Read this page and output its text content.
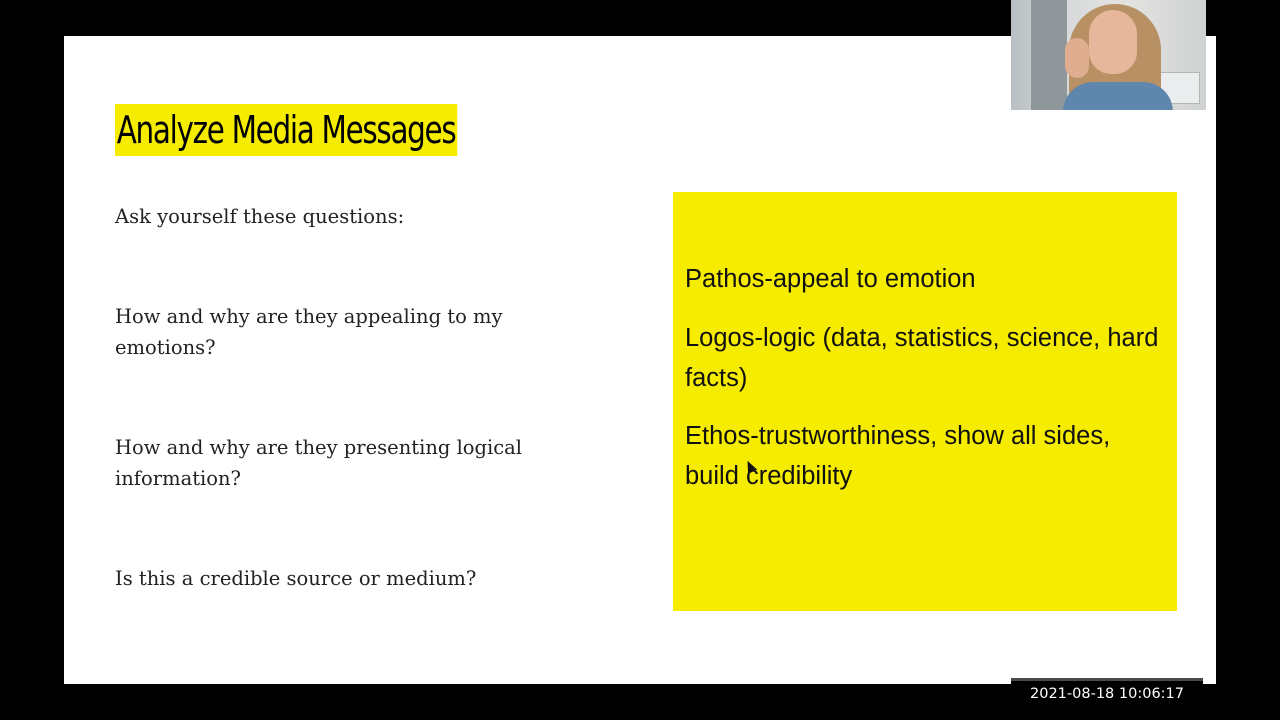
Analyze Media Messages
Ask yourself these questions:
How and why are they appealing to my emotions?
How and why are they presenting logical information?
Is this a credible source or medium?
Pathos-appeal to emotion
Logos-logic (data, statistics, science, hard facts)
Ethos-trustworthiness, show all sides, build credibility
2021-08-18 10:06:17
